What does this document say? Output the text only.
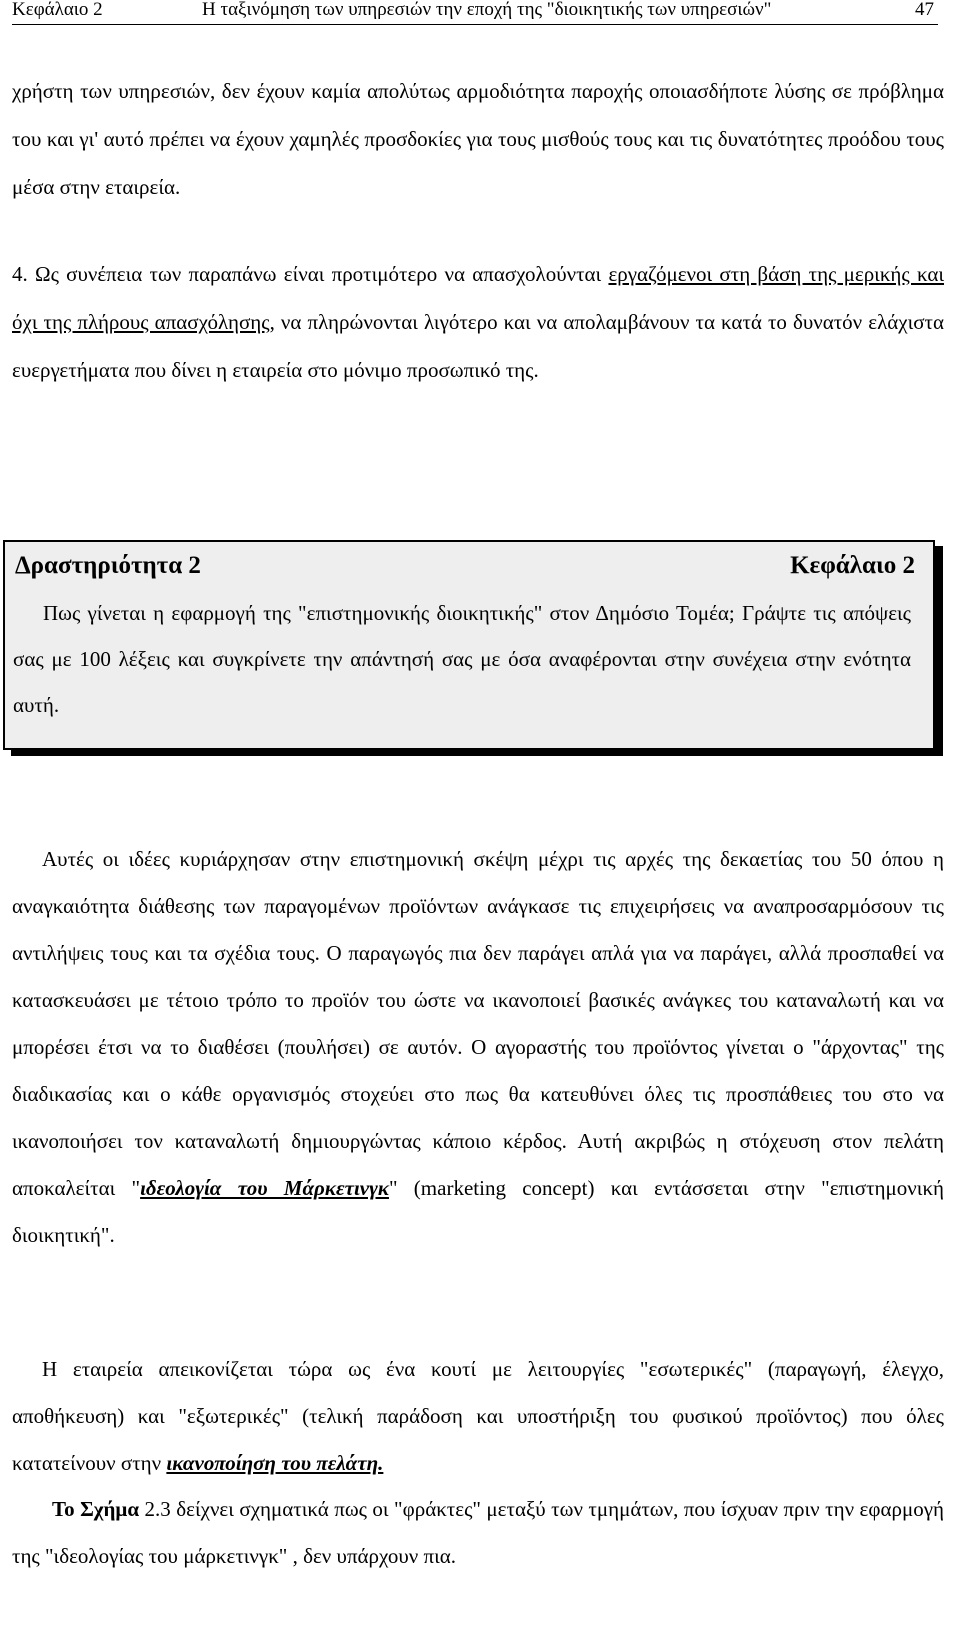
Κεφάλαιο 2	Η ταξινόμηση των υπηρεσιών την εποχή της "διοικητικής των υπηρεσιών"	47

χρήστη των υπηρεσιών, δεν έχουν καμία απολύτως αρμοδιότητα παροχής οποιασδήποτε λύσης σε πρόβλημα του και γι' αυτό πρέπει να έχουν χαμηλές προσδοκίες για τους μισθούς τους και τις δυνατότητες προόδου τους μέσα στην εταιρεία.

4. Ως συνέπεια των παραπάνω είναι προτιμότερο να απασχολούνται εργαζόμενοι στη βάση της μερικής και όχι της πλήρους απασχόλησης, να πληρώνονται λιγότερο και να απολαμβάνουν τα κατά το δυνατόν ελάχιστα ευεργετήματα που δίνει η εταιρεία στο μόνιμο προσωπικό της.

Δραστηριότητα 2	Κεφάλαιο 2

Πως γίνεται η εφαρμογή της "επιστημονικής διοικητικής" στον Δημόσιο Τομέα; Γράψτε τις απόψεις σας με 100 λέξεις και συγκρίνετε την απάντησή σας με όσα αναφέρονται στην συνέχεια στην ενότητα αυτή.

Αυτές οι ιδέες κυριάρχησαν στην επιστημονική σκέψη μέχρι τις αρχές της δεκαετίας του 50 όπου η αναγκαιότητα διάθεσης των παραγομένων προϊόντων ανάγκασε τις επιχειρήσεις να αναπροσαρμόσουν τις αντιλήψεις τους και τα σχέδια τους. Ο παραγωγός πια δεν παράγει απλά για να παράγει, αλλά προσπαθεί να κατασκευάσει με τέτοιο τρόπο το προϊόν του ώστε να ικανοποιεί βασικές ανάγκες του καταναλωτή και να μπορέσει έτσι να το διαθέσει (πουλήσει) σε αυτόν. Ο αγοραστής του προϊόντος γίνεται ο "άρχοντας" της διαδικασίας και ο κάθε οργανισμός στοχεύει στο πως θα κατευθύνει όλες τις προσπάθειες του στο να ικανοποιήσει τον καταναλωτή δημιουργώντας κάποιο κέρδος. Αυτή ακριβώς η στόχευση στον πελάτη αποκαλείται "ιδεολογία του Μάρκετινγκ" (marketing concept) και εντάσσεται στην "επιστημονική διοικητική".

Η εταιρεία απεικονίζεται τώρα ως ένα κουτί με λειτουργίες "εσωτερικές" (παραγωγή, έλεγχο, αποθήκευση) και "εξωτερικές" (τελική παράδοση και υποστήριξη του φυσικού προϊόντος) που όλες κατατείνουν στην ικανοποίηση του πελάτη.

Το Σχήμα 2.3 δείχνει σχηματικά πως οι "φράκτες" μεταξύ των τμημάτων, που ίσχυαν πριν την εφαρμογή της "ιδεολογίας του μάρκετινγκ" , δεν υπάρχουν πια.
